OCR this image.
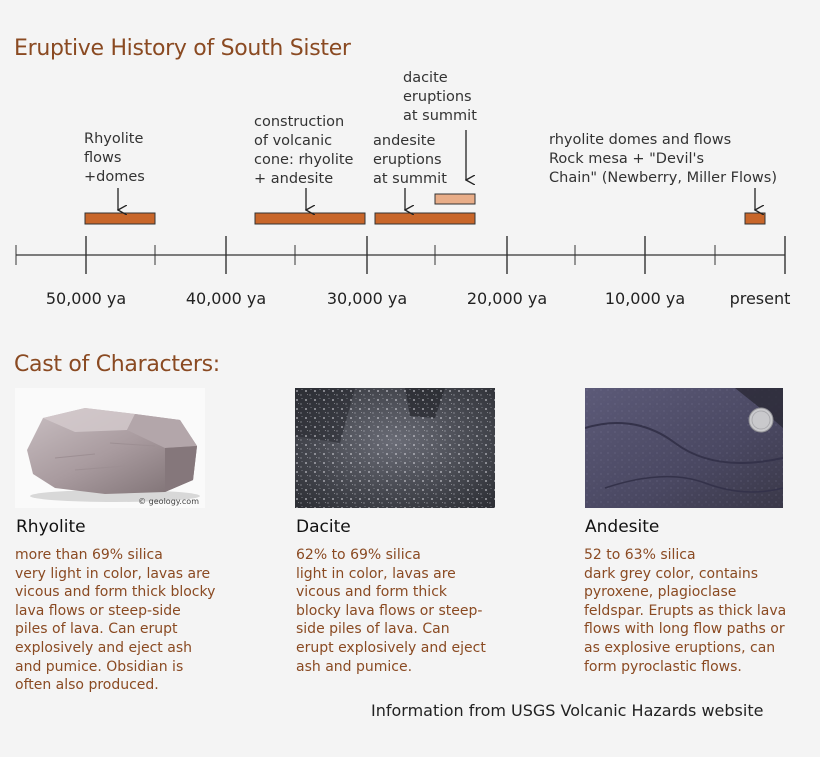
Eruptive History of South Sister
50,000 ya	40,000 ya	30,000 ya	20,000 ya	10,000 ya	present
Rhyolite
flows
+domes
construction
of volcanic
cone: rhyolite
+ andesite
andesite
eruptions
at summit
dacite
eruptions
at summit
rhyolite domes and flows
Rock mesa + "Devil's
Chain" (Newberry, Miller Flows)
Cast of Characters:
© geology.com
Rhyolite	Dacite	Andesite
more than 69% silica
very light in color, lavas are
vicous and form thick blocky
lava flows or steep-side
piles of lava. Can erupt
explosively and eject ash
and pumice. Obsidian is
often also produced.
62% to 69% silica
light in color, lavas are
vicous and form thick
blocky lava flows or steep-
side piles of lava. Can
erupt explosively and eject
ash and pumice.
52 to 63% silica
dark grey color, contains
pyroxene, plagioclase
feldspar. Erupts as thick lava
flows with long flow paths or
as explosive eruptions, can
form pyroclastic flows.
Information from USGS Volcanic Hazards website
